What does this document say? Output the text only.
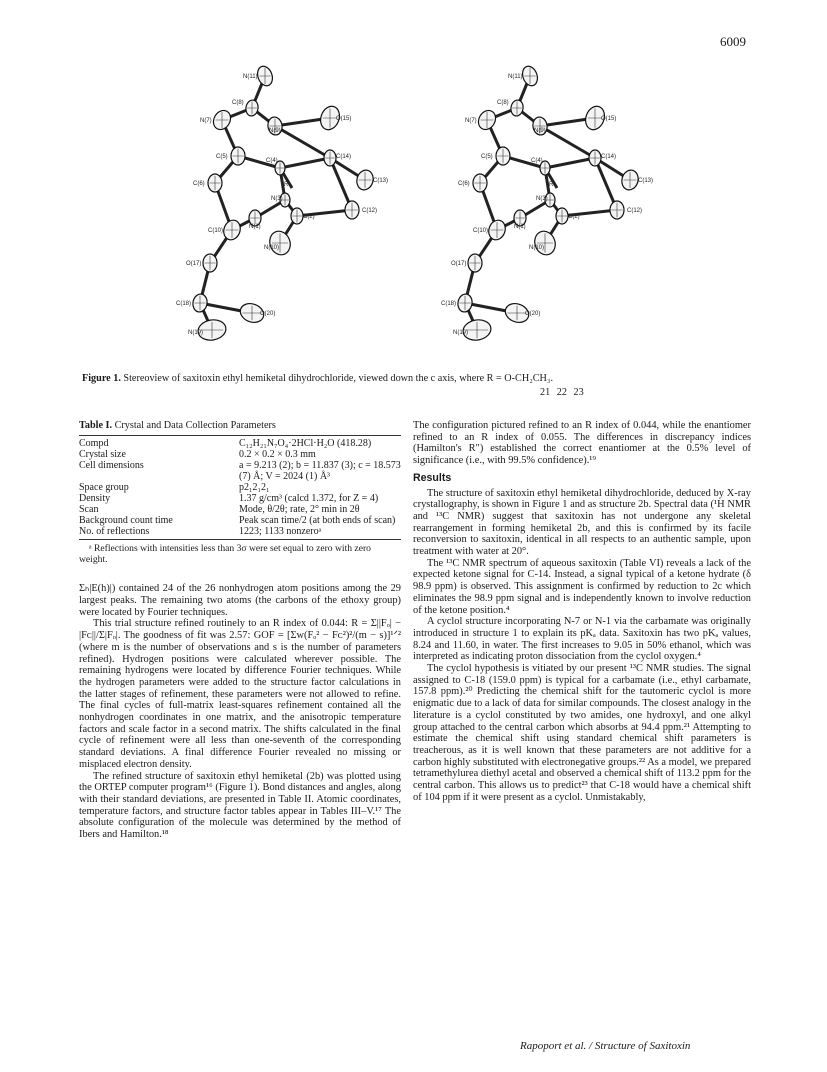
6009
N(11)
C(8)
N(7)
N(9)
O(15)
C(5)	C(14)
C(4)
C(13)
C(6)	R
N(3)
N(1)
C(2)
C(12)
C(10)
N(10)
O(17)
C(18)
O(20)
N(19)
N(11)
C(8)
N(7)
N(9)
O(15)
C(5)	C(14)
C(4)
C(13)
C(6)	R
N(3)
N(1)
C(2)
C(12)
C(10)
N(10)
O(17)
C(18)
O(20)
N(19)
Figure 1. Stereoview of saxitoxin ethyl hemiketal dihydrochloride, viewed down the c axis, where R = O-CH₂CH₃.
21 22 23
Table I. Crystal and Data Collection Parameters
Compd	C₁₂H₂₁N₇O₄·2HCl·H₂O (418.28)
Crystal size	0.2 × 0.2 × 0.3 mm
Cell dimensions	a = 9.213 (2); b = 11.837 (3); c = 18.573 (7) Å; V = 2024 (1) Å³
Space group	p2₁2₁2₁
Density	1.37 g/cm³ (calcd 1.372, for Z = 4)
Scan	Mode, θ/2θ; rate, 2° min in 2θ
Background count time	Peak scan time/2 (at both ends of scan)
No. of reflections	1223; 1133 nonzeroᵃ
ᵃ Reflections with intensities less than 3σ were set equal to zero with zero weight.

Σₕ|E(h)|) contained 24 of the 26 nonhydrogen atom positions among the 29 largest peaks. The remaining two atoms (the carbons of the ethoxy group) were located by Fourier techniques.

This trial structure refined routinely to an R index of 0.044: R = Σ||Fₒ| − |Fᴄ||/Σ|Fₒ|. The goodness of fit was 2.57: GOF = [Σw(Fₒ² − Fᴄ²)²/(m − s)]¹ᐟ² (where m is the number of observations and s is the number of parameters refined). Hydrogen positions were calculated wherever possible. The remaining hydrogens were located by difference Fourier techniques. While the hydrogen parameters were added to the structure factor calculations in the latter stages of refinement, these parameters were not allowed to refine. The final cycles of full-matrix least-squares refinement contained all the nonhydrogen coordinates in one matrix, and the anisotropic temperature factors and scale factor in a second matrix. The shifts calculated in the final cycle of refinement were all less than one-seventh of the corresponding standard deviations. A final difference Fourier revealed no missing or misplaced electron density.

The refined structure of saxitoxin ethyl hemiketal (2b) was plotted using the ORTEP computer program¹⁶ (Figure 1). Bond distances and angles, along with their standard deviations, are presented in Table II. Atomic coordinates, temperature factors, and structure factor tables appear in Tables III–V.¹⁷ The absolute configuration of the molecule was determined by the method of Ibers and Hamilton.¹⁸

The configuration pictured refined to an R index of 0.044, while the enantiomer refined to an R index of 0.055. The differences in discrepancy indices (Hamilton's R″) established the correct enantiomer at the 0.5% level of significance (i.e., with 99.5% confidence).¹⁹

Results

The structure of saxitoxin ethyl hemiketal dihydrochloride, deduced by X-ray crystallography, is shown in Figure 1 and as structure 2b. Spectral data (¹H NMR and ¹³C NMR) suggest that saxitoxin has not undergone any skeletal rearrangement in forming hemiketal 2b, and this is confirmed by its facile reconversion to saxitoxin, identical in all respects to an authentic sample, upon treatment with water at 20°.

The ¹³C NMR spectrum of aqueous saxitoxin (Table VI) reveals a lack of the expected ketone signal for C-14. Instead, a signal typical of a ketone hydrate (δ 98.9 ppm) is observed. This assignment is confirmed by reduction to 2c which eliminates the 98.9 ppm signal and is independently known to involve reduction of the ketone position.⁴

A cyclol structure incorporating N-7 or N-1 via the carbamate was originally introduced in structure 1 to explain its pKₐ data. Saxitoxin has two pKₐ values, 8.24 and 11.60, in water. The first increases to 9.05 in 50% ethanol, which was interpreted as indicating proton dissociation from the cyclol oxygen.⁴

The cyclol hypothesis is vitiated by our present ¹³C NMR studies. The signal assigned to C-18 (159.0 ppm) is typical for a carbamate (i.e., ethyl carbamate, 157.8 ppm).²⁰ Predicting the chemical shift for the tautomeric cyclol is more enigmatic due to a lack of data for similar compounds. The closest analogy in the literature is a cyclol constituted by two amides, one hydroxyl, and one alkyl group attached to the central carbon which absorbs at 94.4 ppm.²¹ Attempting to estimate the chemical shift using standard chemical shift parameters is treacherous, as it is well known that these parameters are not additive for a carbon highly substituted with electronegative groups.²² As a model, we prepared tetramethylurea diethyl acetal and observed a chemical shift of 113.2 ppm for the central carbon. This allows us to predict²³ that C-18 would have a chemical shift of 104 ppm if it were present as a cyclol. Unmistakably,

Rapoport et al. / Structure of Saxitoxin
